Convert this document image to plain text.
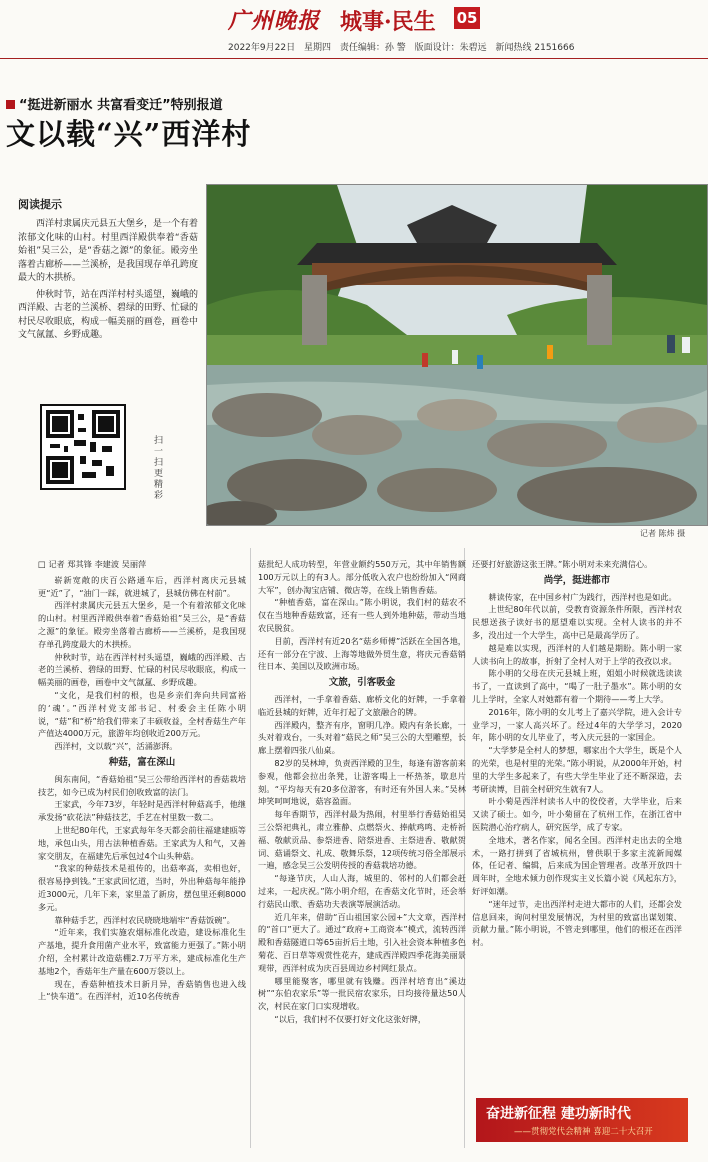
广州晚报 城事·民生 05
2022年9月22日 星期四 责任编辑：孙 警 版面设计：朱碧远 新闻热线 2151666
“挺进新丽水 共富看变迁”特别报道
文以载“兴”西洋村
阅读提示

西洋村隶属庆元县五大堡乡，是一个有着浓郁文化味的山村。村里西洋殿供奉着“香菇始祖”吴三公，是“香菇之源”的象征。殿旁坐落着古廊桥——兰溪桥，是我国现存单孔跨度最大的木拱桥。

仲秋时节，站在西洋村村头遥望，巍峨的西洋殿、古老的兰溪桥、碧绿的田野、忙碌的村民尽收眼底，构成一幅美丽的画卷，画卷中文气氤氲、乡野成趣。

扫一扫更精彩
记者 陈炜 摄

□ 记者 郑其锋 李建波 吴丽萍

崭新宽敞的庆百公路通车后，西洋村离庆元县城更“近”了，“油门一踩，就进城了，县城仿佛在村前”。

西洋村隶属庆元县五大堡乡，是一个有着浓郁文化味的山村。村里西洋殿供奉着“香菇始祖”吴三公，是“香菇之源”的象征。殿旁坐落着古廊桥——兰溪桥，是我国现存单孔跨度最大的木拱桥。

仲秋时节，站在西洋村村头遥望，巍峨的西洋殿、古老的兰溪桥、碧绿的田野、忙碌的村民尽收眼底，构成一幅美丽的画卷，画卷中文气氤氲、乡野成趣。

“文化，是我们村的根，也是乡亲们奔向共同富裕的‘魂’。”西洋村党支部书记、村委会主任陈小明说，“菇”和“桥”给我们带来了丰硕收益，全村香菇生产年产值达4000万元，旅游年均创收近200万元。

西洋村，文以载“兴”，活涌澎湃。

种菇，富在深山

闽东南间，“香菇始祖”吴三公带给西洋村的香菇栽培技艺，如今已成为村民们创收致富的法门。

王家武，今年73岁，年轻时是西洋村种菇高手，他继承发扬“砍花法”种菇技艺，手艺在村里数一数二。

上世纪80年代，王家武每年冬天都会前往福建建瓯等地，承包山头，用古法种植香菇。王家武为人和气，又善家交朋友，在福建先后承包过4个山头种菇。

“我家的种菇技术是祖传的，出菇率高，卖相也好，很容易挣到钱。”王家武回忆道，当时，外出种菇每年能挣近3000元，几年下来，家里盖了新房，摆包里还剩8000多元。

靠种菇手艺，西洋村农民晓晓地端牢“香菇饭碗”。

“近年来，我们实施农烟标准化改造，建设标准化生产基地，提升食用菌产业水平，致富能力更强了。”陈小明介绍，全村累计改造菇棚2.7万平方米，建成标准化生产基地2个，香菇年生产量在600万袋以上。

现在，香菇种植技术日新月异，香菇销售也进入线上“快车道”。在西洋村，近10名传统香

菇批纪人成功转型，年营业额约550万元，其中年销售额100万元以上的有3人。部分低收入农户也纷纷加入“网商大军”，创办淘宝店铺、微店等，在线上销售香菇。

“种植香菇，富在深山。”陈小明说，我们村的菇农不仅在当地种香菇致富，还有一些人到外地种菇，带动当地农民脱贫。

目前，西洋村有近20名“菇乡师傅”活跃在全国各地，还有一部分在宁波、上海等地做外贸生意，将庆元香菇销往日本、美国以及欧洲市场。

文旅，引客吸金

西洋村，一手拿着香菇、廊桥文化的好牌，一手拿着临近县城的好牌，近年打起了文旅融合的牌。

西洋殿内，整齐有序，窗明几净。殿内有条长廊，一头对着戏台，一头对着“菇民之师”吴三公的大型雕塑，长廊上摆着四张八仙桌。

82岁的吴林坤，负责西洋殿的卫生，每逢有游客前来参观，他都会拉出条凳，让游客喝上一杯热茶，歇息片刻。“平均每天有20多位游客，有时还有外国人来。”吴林坤笑呵呵地说，菇容盈面。

每年香期节，西洋村最为热闹，村里举行香菇始祖吴三公祭祀典礼，肃立雅静、点燃祭火、捧献鸡鸣、走桥祈福、敬献贡品、参祭进香、陪祭进香、主祭进香、敬献贺词、菇诵祭文、礼成、敬舞乐祭，12项传统习俗全部展示一遍，感念吴三公发明传授的香菇栽培功德。

“每逢节庆，人山人海，城里的、邻村的人们都会赶过来，一起庆祝。”陈小明介绍，在香菇文化节时，还会举行菇民山歌、香菇功夫表演等展演活动。

近几年来，借助“百山祖国家公园+”大文章，西洋村的“首口”更大了。通过“政府+工商资本”模式，流转西洋殿和香菇隧道口等65亩折后土地，引入社会资本种植多色菊花、百日草等观赏性花卉，建成西洋殿四季花海美丽景观带，西洋村成为庆百县周边乡村网红景点。

哪里能聚客，哪里就有钱赚。西洋村培育出“溪边树”“东伯农家乐”等一批民宿农家乐，日均接待量达50人次，村民在家门口实现增收。

“以后，我们村不仅要打好文化这张好牌，

还要打好旅游这张王牌。”陈小明对未来充满信心。

尚学，挺进都市

耕读传家，在中国乡村广为践行，西洋村也是如此。

上世纪80年代以前，受教育资源条件所限，西洋村农民想送孩子读好书的愿望难以实现。全村人读书的并不多，没出过一个大学生，高中已是最高学历了。

越是难以实现，西洋村的人们越是期盼。陈小明一家人读书向上的故事，折射了全村人对于上学的孜孜以求。

陈小明的父母在庆元县城上班，姐姐小时候就选读读书了，一直读到了高中，“喝了一肚子墨水”。陈小明的女儿上学时，全家人对她都有着一个期待——考上大学。

2016年，陈小明的女儿考上了嘉兴学院，进入会计专业学习，一家人高兴坏了。经过4年的大学学习，2020年，陈小明的女儿毕业了，考入庆元县的一家国企。

“大学梦是全村人的梦想，哪家出个大学生，既是个人的光荣，也是村里的光荣。”陈小明说，从2000年开始，村里的大学生多起来了，有些大学生毕业了还不断深造，去考研读博，目前全村研究生就有7人。

叶小菊是西洋村读书人中的佼佼者，大学毕业，后来又读了硕士。如今，叶小菊留在了杭州工作，在浙江省中医院潜心治疗病人，研究医学，成了专家。

全地术，著名作家，闻名全国。西洋村走出去的全地术，一路打拼到了省城杭州，曾供职于多家主流新闻媒体，任记者、编辑，后来成为国企管理者。改革开放四十周年时，全地术倾力创作现实主义长篇小说《风起东方》，好评如潮。

“迷年过节，走出西洋村走进大都市的人们，还都会发信息回来，询问村里发展情况，为村里的致富出谋划策、贡献力量。”陈小明说，不管走到哪里，他们的根还在西洋村。

奋进新征程 建功新时代
——贯彻党代会精神 喜迎二十大召开
